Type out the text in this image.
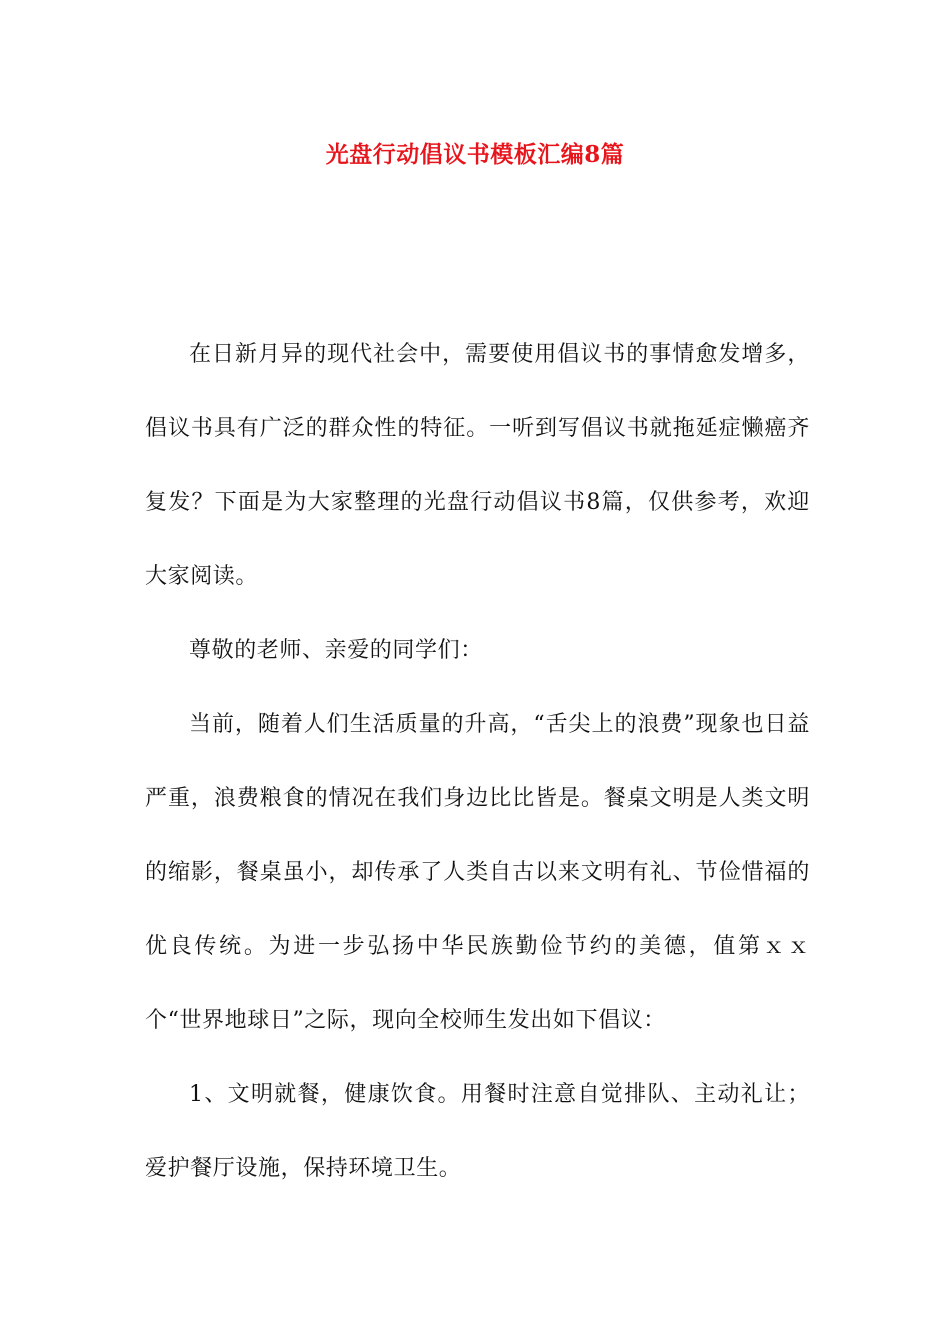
光盘行动倡议书模板汇编8篇

在日新月异的现代社会中，需要使用倡议书的事情愈发增多，倡议书具有广泛的群众性的特征。一听到写倡议书就拖延症懒癌齐复发？下面是为大家整理的光盘行动倡议书8篇，仅供参考，欢迎大家阅读。

尊敬的老师、亲爱的同学们：

当前，随着人们生活质量的升高，“舌尖上的浪费”现象也日益严重，浪费粮食的情况在我们身边比比皆是。餐桌文明是人类文明的缩影，餐桌虽小，却传承了人类自古以来文明有礼、节俭惜福的优良传统。为进一步弘扬中华民族勤俭节约的美德，值第ｘｘ个“世界地球日”之际，现向全校师生发出如下倡议：

1、文明就餐，健康饮食。用餐时注意自觉排队、主动礼让；爱护餐厅设施，保持环境卫生。
